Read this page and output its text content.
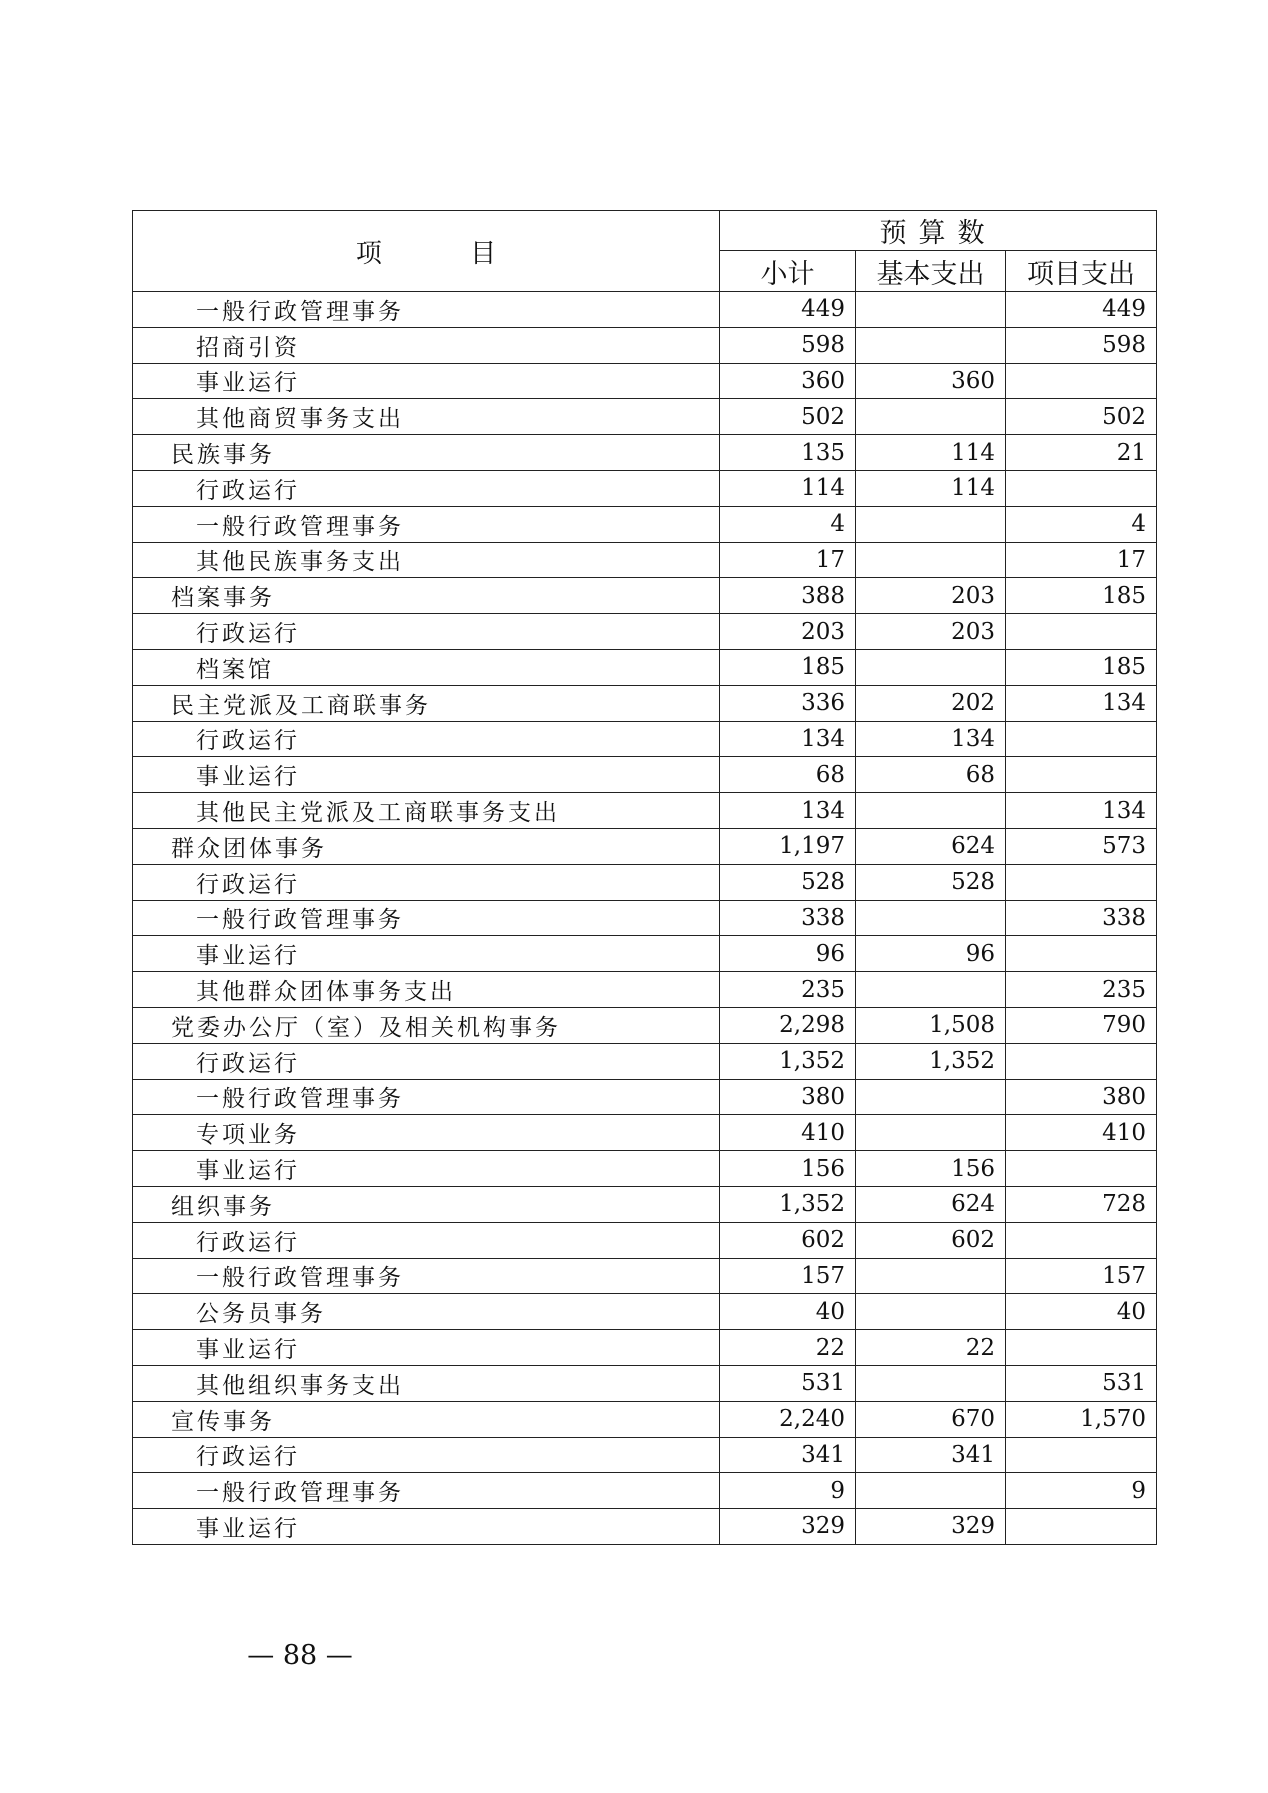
项 目	预算数		
	小计	基本支出	项目支出
一般行政管理事务	449		449
招商引资	598		598
事业运行	360	360	
其他商贸事务支出	502		502
民族事务	135	114	21
行政运行	114	114	
一般行政管理事务	4		4
其他民族事务支出	17		17
档案事务	388	203	185
行政运行	203	203	
档案馆	185		185
民主党派及工商联事务	336	202	134
行政运行	134	134	
事业运行	68	68	
其他民主党派及工商联事务支出	134		134
群众团体事务	1,197	624	573
行政运行	528	528	
一般行政管理事务	338		338
事业运行	96	96	
其他群众团体事务支出	235		235
党委办公厅（室）及相关机构事务	2,298	1,508	790
行政运行	1,352	1,352	
一般行政管理事务	380		380
专项业务	410		410
事业运行	156	156	
组织事务	1,352	624	728
行政运行	602	602	
一般行政管理事务	157		157
公务员事务	40		40
事业运行	22	22	
其他组织事务支出	531		531
宣传事务	2,240	670	1,570
行政运行	341	341	
一般行政管理事务	9		9
事业运行	329	329	
— 88 —
